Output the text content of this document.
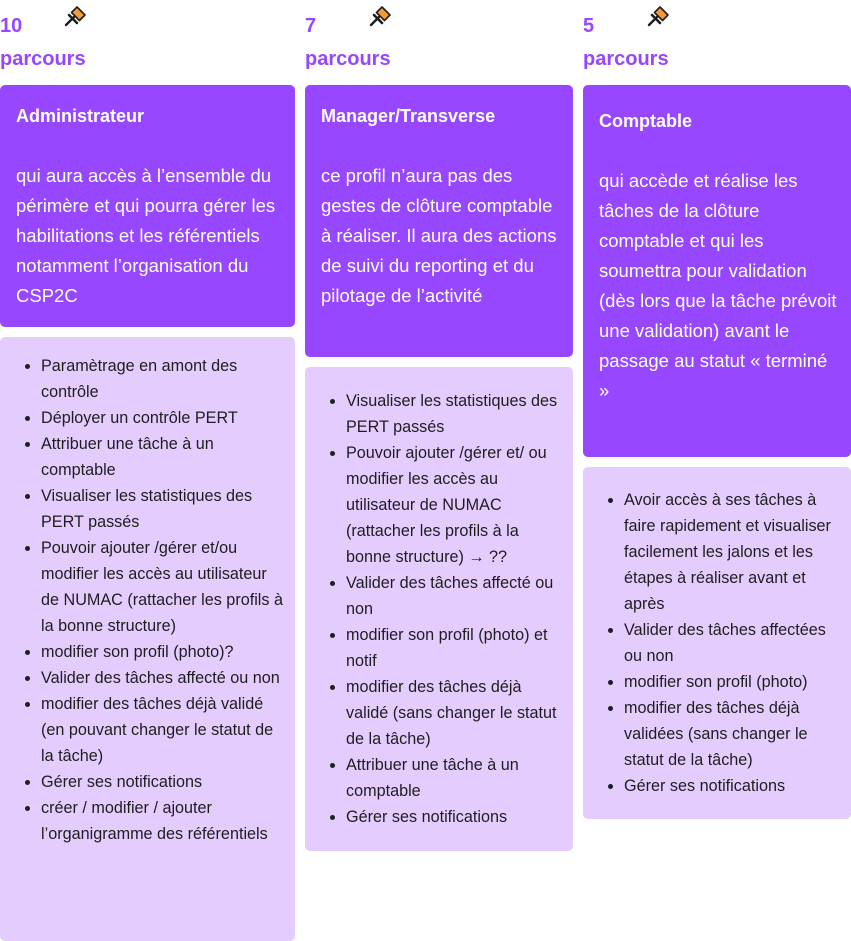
10
parcours
Administrateur
qui aura accès à l’ensemble du périmère et qui pourra gérer les habilitations et les référentiels notamment l’organisation du CSP2C
• Paramètrage en amont des contrôle
• Déployer un contrôle PERT
• Attribuer une tâche à un comptable
• Visualiser les statistiques des PERT passés
• Pouvoir ajouter /gérer et/ou modifier les accès au utilisateur de NUMAC (rattacher les profils à la bonne structure)
• modifier son profil (photo)?
• Valider des tâches affecté ou non
• modifier des tâches déjà validé (en pouvant changer le statut de la tâche)
• Gérer ses notifications
• créer / modifier / ajouter l’organigramme des référentiels
7
parcours
Manager/Transverse
ce profil n’aura pas des gestes de clôture comptable à réaliser. Il aura des actions de suivi du reporting et du pilotage de l’activité
• Visualiser les statistiques des PERT passés
• Pouvoir ajouter /gérer et/ ou modifier les accès au utilisateur de NUMAC (rattacher les profils à la bonne structure) → ??
• Valider des tâches affecté ou non
• modifier son profil (photo) et notif
• modifier des tâches déjà validé (sans changer le statut de la tâche)
• Attribuer une tâche à un comptable
• Gérer ses notifications
5
parcours
Comptable
qui accède et réalise les tâches de la clôture comptable et qui les soumettra pour validation (dès lors que la tâche prévoit une validation) avant le passage au statut « terminé »
• Avoir accès à ses tâches à faire rapidement et visualiser facilement les jalons et les étapes à réaliser avant et après
• Valider des tâches affectées ou non
• modifier son profil (photo)
• modifier des tâches déjà validées (sans changer le statut de la tâche)
• Gérer ses notifications
